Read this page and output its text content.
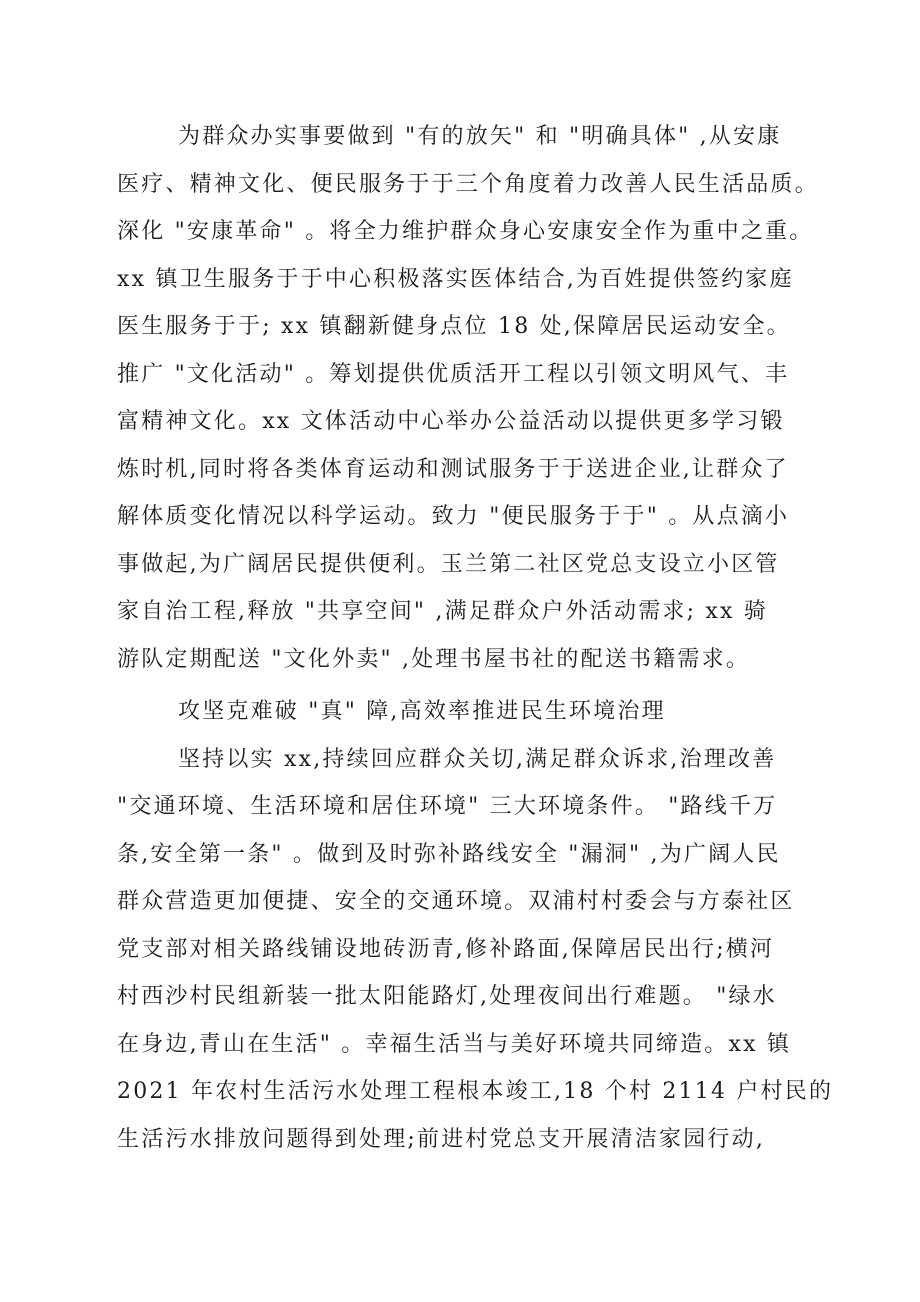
为群众办实事要做到 "有的放矢" 和 "明确具体" ,从安康
医疗、精神文化、便民服务于于三个角度着力改善人民生活品质。
深化 "安康革命" 。将全力维护群众身心安康安全作为重中之重。
xx 镇卫生服务于于中心积极落实医体结合,为百姓提供签约家庭
医生服务于于; xx 镇翻新健身点位 18 处,保障居民运动安全。
推广 "文化活动" 。筹划提供优质活开工程以引领文明风气、丰
富精神文化。xx 文体活动中心举办公益活动以提供更多学习锻
炼时机,同时将各类体育运动和测试服务于于送进企业,让群众了
解体质变化情况以科学运动。致力 "便民服务于于" 。从点滴小
事做起,为广阔居民提供便利。玉兰第二社区党总支设立小区管
家自治工程,释放 "共享空间" ,满足群众户外活动需求; xx 骑
游队定期配送 "文化外卖" ,处理书屋书社的配送书籍需求。
攻坚克难破 "真" 障,高效率推进民生环境治理
坚持以实 xx,持续回应群众关切,满足群众诉求,治理改善
"交通环境、生活环境和居住环境" 三大环境条件。 "路线千万
条,安全第一条" 。做到及时弥补路线安全 "漏洞" ,为广阔人民
群众营造更加便捷、安全的交通环境。双浦村村委会与方泰社区
党支部对相关路线铺设地砖沥青,修补路面,保障居民出行;横河
村西沙村民组新装一批太阳能路灯,处理夜间出行难题。 "绿水
在身边,青山在生活" 。幸福生活当与美好环境共同缔造。xx 镇
2021 年农村生活污水处理工程根本竣工,18 个村 2114 户村民的
生活污水排放问题得到处理;前进村党总支开展清洁家园行动,
